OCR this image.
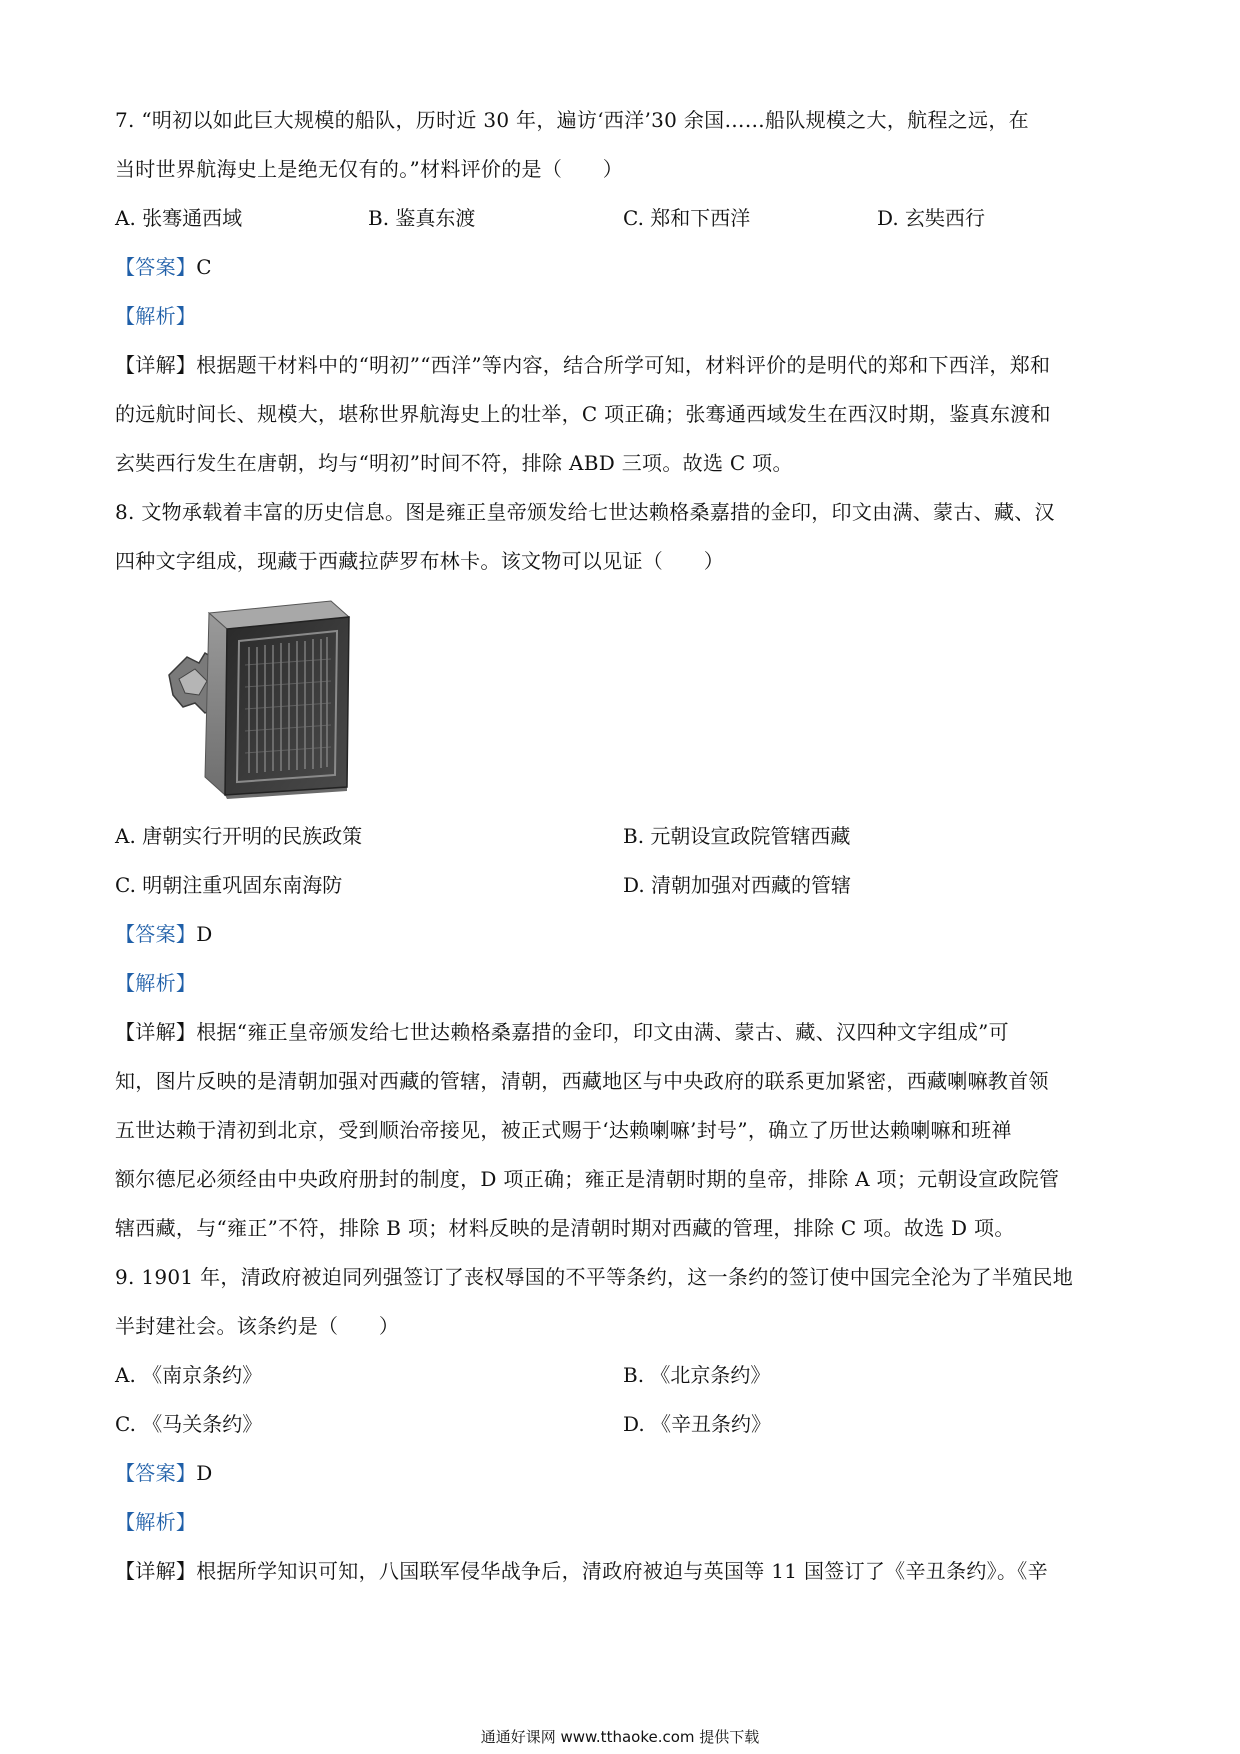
7. “明初以如此巨大规模的船队，历时近 30 年，遍访‘西洋’30 余国……船队规模之大，航程之远，在
当时世界航海史上是绝无仅有的。”材料评价的是（　　）
A. 张骞通西域	B. 鉴真东渡	C. 郑和下西洋	D. 玄奘西行
【答案】C
【解析】
【详解】根据题干材料中的“明初”“西洋”等内容，结合所学可知，材料评价的是明代的郑和下西洋，郑和
的远航时间长、规模大，堪称世界航海史上的壮举，C 项正确；张骞通西域发生在西汉时期，鉴真东渡和
玄奘西行发生在唐朝，均与“明初”时间不符，排除 ABD 三项。故选 C 项。
8. 文物承载着丰富的历史信息。图是雍正皇帝颁发给七世达赖格桑嘉措的金印，印文由满、蒙古、藏、汉
四种文字组成，现藏于西藏拉萨罗布林卡。该文物可以见证（　　）
A. 唐朝实行开明的民族政策	B. 元朝设宣政院管辖西藏
C. 明朝注重巩固东南海防	D. 清朝加强对西藏的管辖
【答案】D
【解析】
【详解】根据“雍正皇帝颁发给七世达赖格桑嘉措的金印，印文由满、蒙古、藏、汉四种文字组成”可
知，图片反映的是清朝加强对西藏的管辖，清朝，西藏地区与中央政府的联系更加紧密，西藏喇嘛教首领
五世达赖于清初到北京，受到顺治帝接见，被正式赐于‘达赖喇嘛’封号”，确立了历世达赖喇嘛和班禅
额尔德尼必须经由中央政府册封的制度，D 项正确；雍正是清朝时期的皇帝，排除 A 项；元朝设宣政院管
辖西藏，与“雍正”不符，排除 B 项；材料反映的是清朝时期对西藏的管理，排除 C 项。故选 D 项。
9. 1901 年，清政府被迫同列强签订了丧权辱国的不平等条约，这一条约的签订使中国完全沦为了半殖民地
半封建社会。该条约是（　　）
A. 《南京条约》	B. 《北京条约》
C. 《马关条约》	D. 《辛丑条约》
【答案】D
【解析】
【详解】根据所学知识可知，八国联军侵华战争后，清政府被迫与英国等 11 国签订了《辛丑条约》。《辛
通通好课网 www.tthaoke.com 提供下载
